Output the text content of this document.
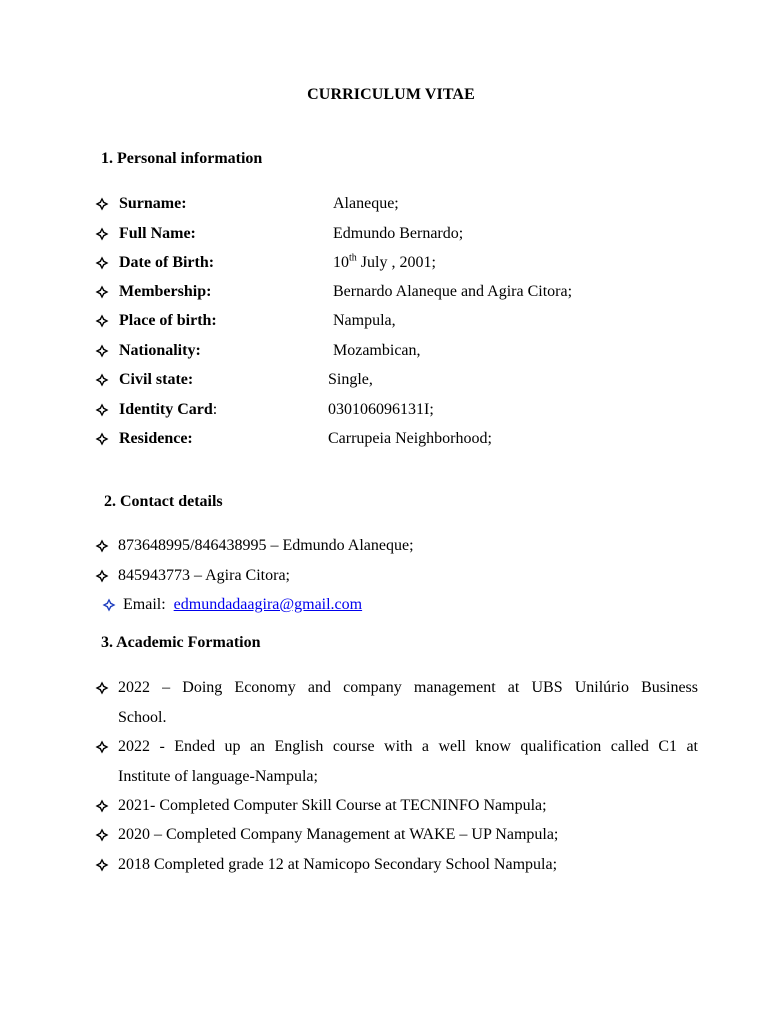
CURRICULUM VITAE
1. Personal information
Surname:	Alaneque;
Full Name:	Edmundo Bernardo;
Date of Birth:	10th July , 2001;
Membership:	Bernardo Alaneque and Agira Citora;
Place of birth:	Nampula,
Nationality:	Mozambican,
Civil state:	Single,
Identity Card:	030106096131I;
Residence:	Carrupeia Neighborhood;
2. Contact details
873648995/846438995 – Edmundo Alaneque;
845943773 – Agira Citora;
Email: edmundadaagira@gmail.com
3. Academic Formation
2022 – Doing Economy and company management at UBS Unilúrio Business
School.
2022 - Ended up an English course with a well know qualification called C1 at
Institute of language-Nampula;
2021- Completed Computer Skill Course at TECNINFO Nampula;
2020 – Completed Company Management at WAKE – UP Nampula;
2018 Completed grade 12 at Namicopo Secondary School Nampula;
